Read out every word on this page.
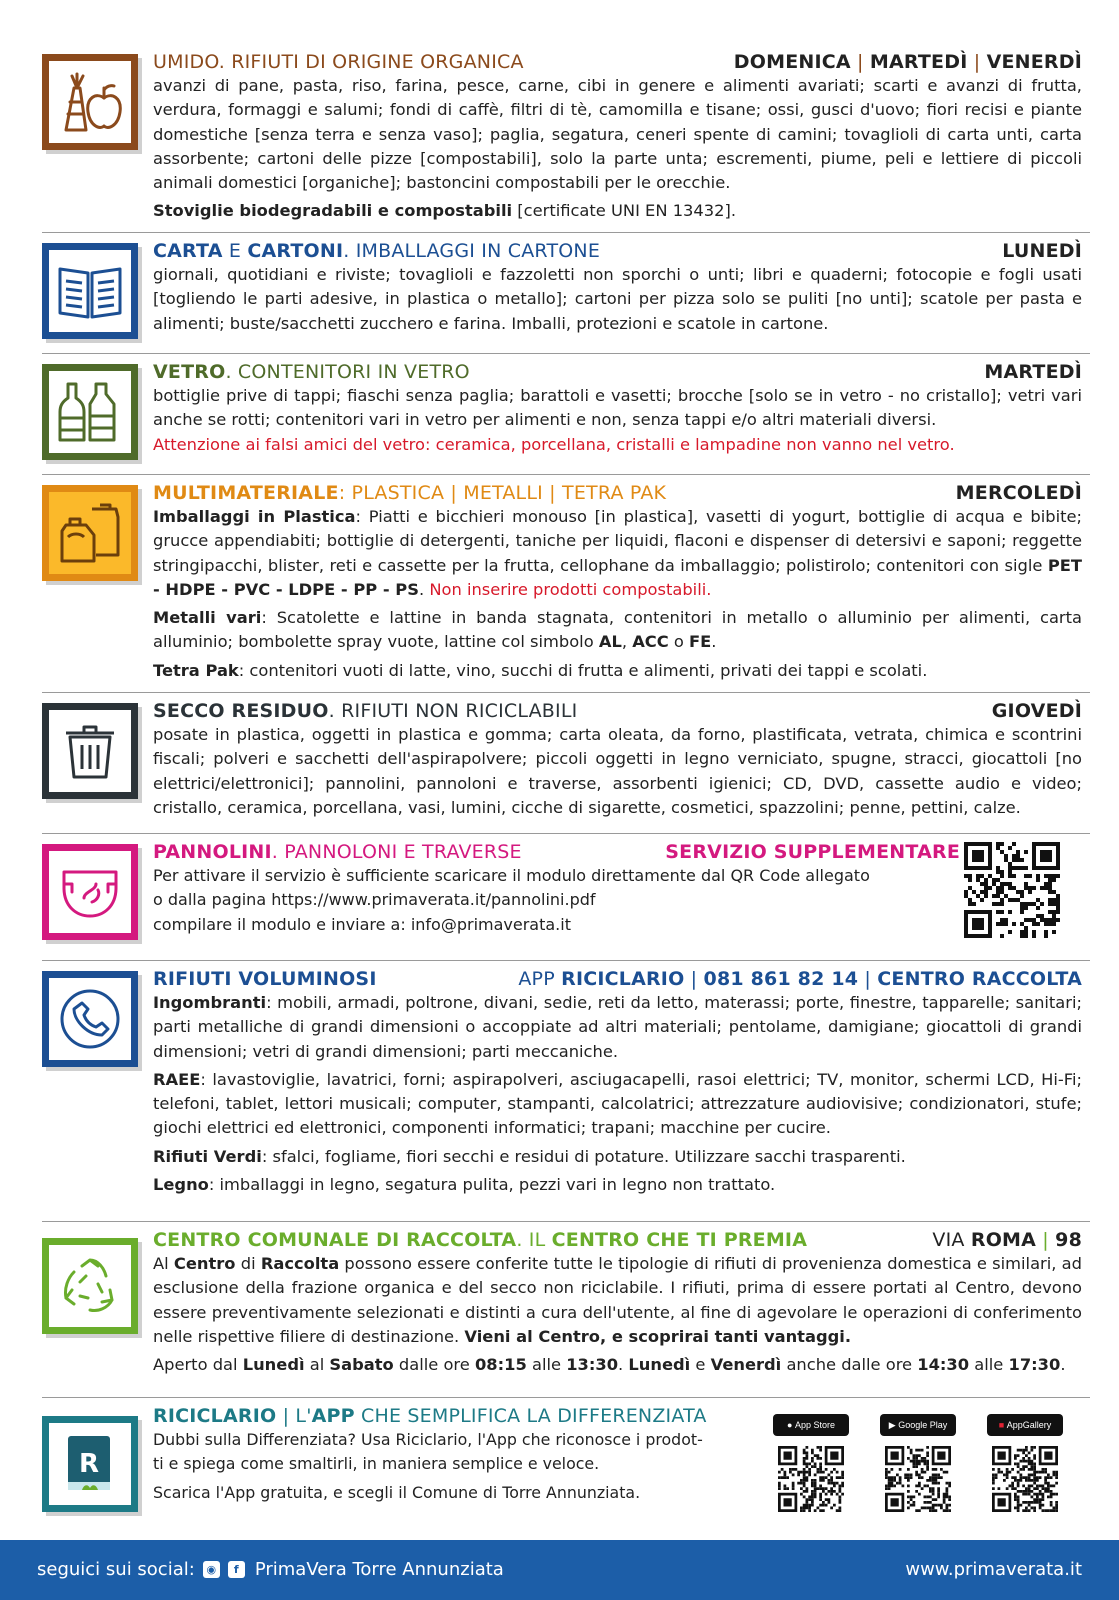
UMIDO. RIFIUTI DI ORIGINE ORGANICA	DOMENICA | MARTEDÌ | VENERDÌ

avanzi di pane, pasta, riso, farina, pesce, carne, cibi in genere e alimenti avariati; scarti e avanzi di frutta, verdura, formaggi e salumi; fondi di caffè, filtri di tè, camomilla e tisane; ossi, gusci d'uovo; fiori recisi e piante domestiche [senza terra e senza vaso]; paglia, segatura, ceneri spente di camini; tovaglioli di carta unti, carta assorbente; cartoni delle pizze [compostabili], solo la parte unta; escrementi, piume, peli e lettiere di piccoli animali domestici [organiche]; bastoncini compostabili per le orecchie.

Stoviglie biodegradabili e compostabili [certificate UNI EN 13432].

CARTA E CARTONI. IMBALLAGGI IN CARTONE	LUNEDÌ

giornali, quotidiani e riviste; tovaglioli e fazzoletti non sporchi o unti; libri e quaderni; fotocopie e fogli usati [togliendo le parti adesive, in plastica o metallo]; cartoni per pizza solo se puliti [no unti]; scatole per pasta e alimenti; buste/sacchetti zucchero e farina. Imballi, protezioni e scatole in cartone.

VETRO. CONTENITORI IN VETRO	MARTEDÌ

bottiglie prive di tappi; fiaschi senza paglia; barattoli e vasetti; brocche [solo se in vetro - no cristallo]; vetri vari anche se rotti; contenitori vari in vetro per alimenti e non, senza tappi e/o altri materiali diversi.

Attenzione ai falsi amici del vetro: ceramica, porcellana, cristalli e lampadine non vanno nel vetro.

MULTIMATERIALE: PLASTICA | METALLI | TETRA PAK	MERCOLEDÌ

Imballaggi in Plastica: Piatti e bicchieri monouso [in plastica], vasetti di yogurt, bottiglie di acqua e bibite; grucce appendiabiti; bottiglie di detergenti, taniche per liquidi, flaconi e dispenser di detersivi e saponi; reggette stringipacchi, blister, reti e cassette per la frutta, cellophane da imballaggio; polistirolo; contenitori con sigle PET - HDPE - PVC - LDPE - PP - PS. Non inserire prodotti compostabili.

Metalli vari: Scatolette e lattine in banda stagnata, contenitori in metallo o alluminio per alimenti, carta alluminio; bombolette spray vuote, lattine col simbolo AL, ACC o FE.

Tetra Pak: contenitori vuoti di latte, vino, succhi di frutta e alimenti, privati dei tappi e scolati.

SECCO RESIDUO. RIFIUTI NON RICICLABILI	GIOVEDÌ

posate in plastica, oggetti in plastica e gomma; carta oleata, da forno, plastificata, vetrata, chimica e scontrini fiscali; polveri e sacchetti dell'aspirapolvere; piccoli oggetti in legno verniciato, spugne, stracci, giocattoli [no elettrici/elettronici]; pannolini, pannoloni e traverse, assorbenti igienici; CD, DVD, cassette audio e video; cristallo, ceramica, porcellana, vasi, lumini, cicche di sigarette, cosmetici, spazzolini; penne, pettini, calze.

PANNOLINI. PANNOLONI E TRAVERSE	SERVIZIO SUPPLEMENTARE

Per attivare il servizio è sufficiente scaricare il modulo direttamente dal QR Code allegato

o dalla pagina https://www.primaverata.it/pannolini.pdf

compilare il modulo e inviare a: info@primaverata.it

RIFIUTI VOLUMINOSI	APP RICICLARIO | 081 861 82 14 | CENTRO RACCOLTA

Ingombranti: mobili, armadi, poltrone, divani, sedie, reti da letto, materassi; porte, finestre, tapparelle; sanitari; parti metalliche di grandi dimensioni o accoppiate ad altri materiali; pentolame, damigiane; giocattoli di grandi dimensioni; vetri di grandi dimensioni; parti meccaniche.

RAEE: lavastoviglie, lavatrici, forni; aspirapolveri, asciugacapelli, rasoi elettrici; TV, monitor, schermi LCD, Hi-Fi; telefoni, tablet, lettori musicali; computer, stampanti, calcolatrici; attrezzature audiovisive; condizionatori, stufe; giochi elettrici ed elettronici, componenti informatici; trapani; macchine per cucire.

Rifiuti Verdi: sfalci, fogliame, fiori secchi e residui di potature. Utilizzare sacchi trasparenti.

Legno: imballaggi in legno, segatura pulita, pezzi vari in legno non trattato.

CENTRO COMUNALE DI RACCOLTA. IL CENTRO CHE TI PREMIA	VIA ROMA | 98

Al Centro di Raccolta possono essere conferite tutte le tipologie di rifiuti di provenienza domestica e similari, ad esclusione della frazione organica e del secco non riciclabile. I rifiuti, prima di essere portati al Centro, devono essere preventivamente selezionati e distinti a cura dell'utente, al fine di agevolare le operazioni di conferimento nelle rispettive filiere di destinazione. Vieni al Centro, e scoprirai tanti vantaggi.

Aperto dal Lunedì al Sabato dalle ore 08:15 alle 13:30. Lunedì e Venerdì anche dalle ore 14:30 alle 17:30.

R
RICICLARIO | L'APP CHE SEMPLIFICA LA DIFFERENZIATA

Dubbi sulla Differenziata? Usa Riciclario, l'App che riconosce i prodot-

ti e spiega come smaltirli, in maniera semplice e veloce.

Scarica l'App gratuita, e scegli il Comune di Torre Annunziata.

● App Store	▶ Google Play	■ AppGallery
seguici sui social:	◉	f PrimaVera Torre Annunziata	www.primaverata.it
